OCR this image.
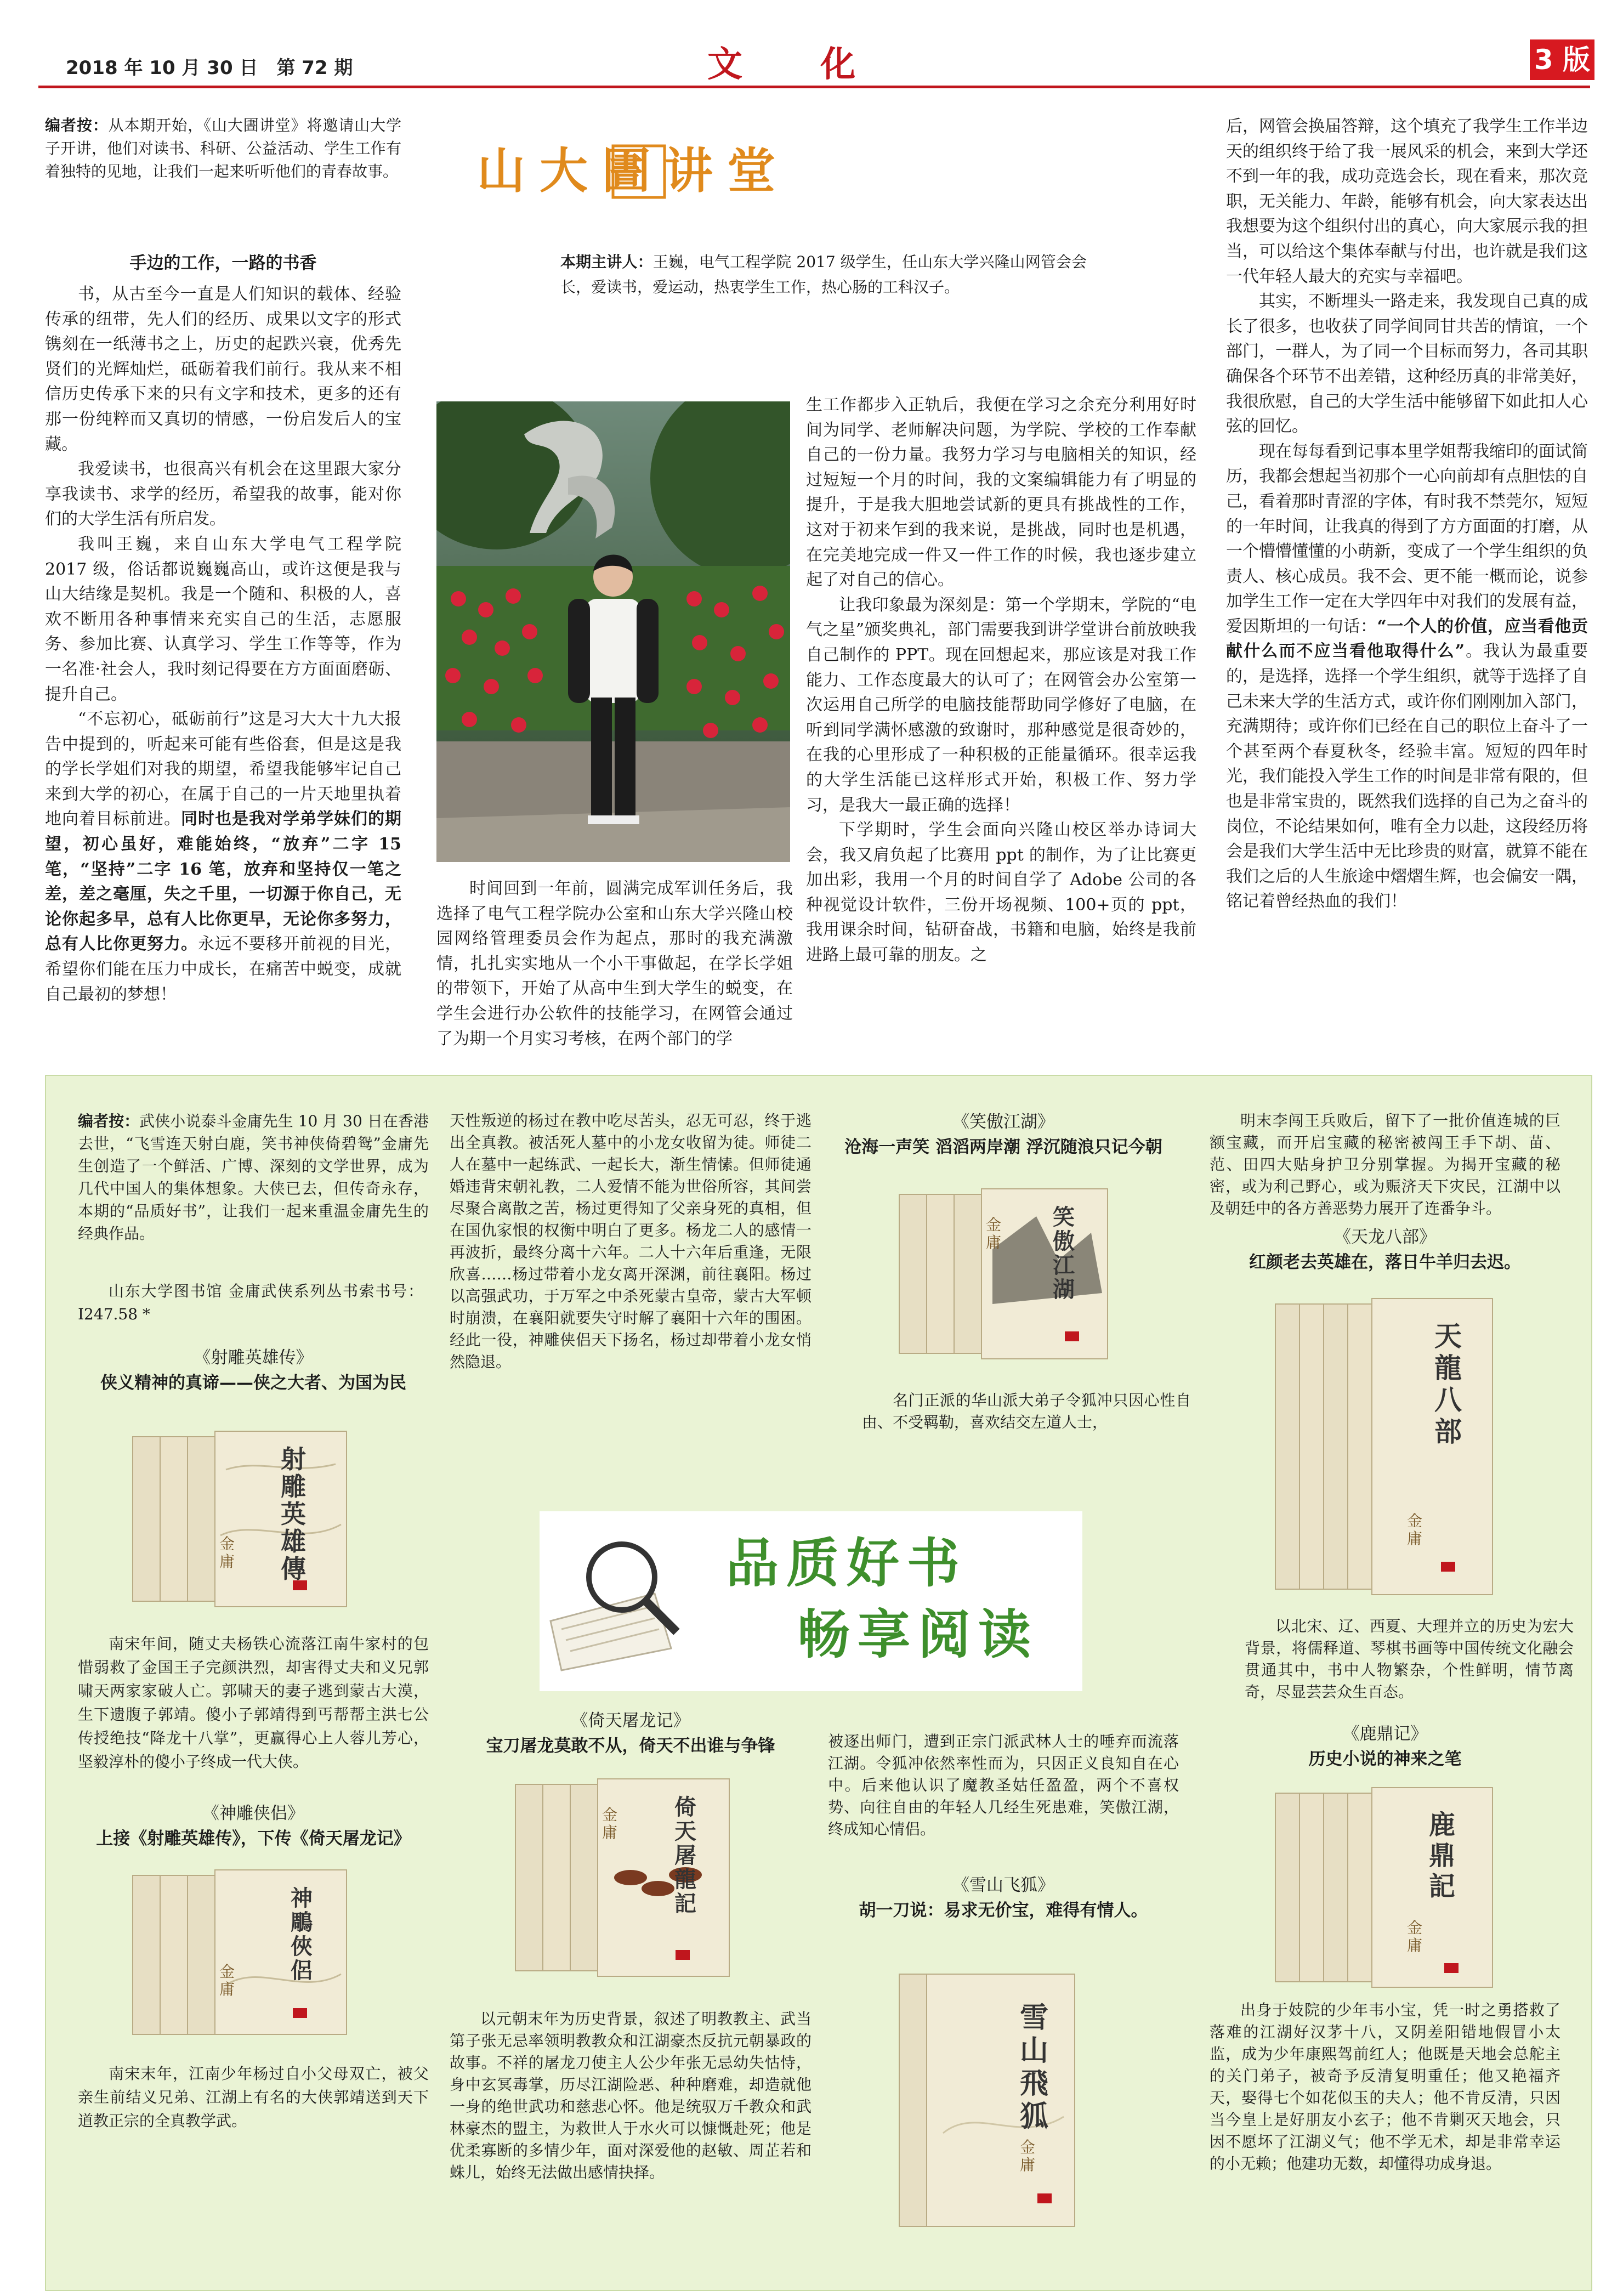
2018 年 10 月 30 日　第 72 期	文 化	3 版

编者按：从本期开始，《山大圕讲堂》将邀请山大学子开讲，他们对读书、科研、公益活动、学生工作有着独特的见地，让我们一起来听听他们的青春故事。

手边的工作，一路的书香

书，从古至今一直是人们知识的载体、经验传承的纽带，先人们的经历、成果以文字的形式镌刻在一纸薄书之上，历史的起跌兴衰，优秀先贤们的光辉灿烂，砥砺着我们前行。我从来不相信历史传承下来的只有文字和技术，更多的还有那一份纯粹而又真切的情感，一份启发后人的宝藏。

我爱读书，也很高兴有机会在这里跟大家分享我读书、求学的经历，希望我的故事，能对你们的大学生活有所启发。

我叫王巍，来自山东大学电气工程学院 2017 级，俗话都说巍巍高山，或许这便是我与山大结缘是契机。我是一个随和、积极的人，喜欢不断用各种事情来充实自己的生活，志愿服务、参加比赛、认真学习、学生工作等等，作为一名准·社会人，我时刻记得要在方方面面磨砺、提升自己。

“不忘初心，砥砺前行”这是习大大十九大报告中提到的，听起来可能有些俗套，但是这是我的学长学姐们对我的期望，希望我能够牢记自己来到大学的初心，在属于自己的一片天地里执着地向着目标前进。同时也是我对学弟学妹们的期望，初心虽好，难能始终，“放弃”二字 15 笔，“坚持”二字 16 笔，放弃和坚持仅一笔之差，差之毫厘，失之千里，一切源于你自己，无论你起多早，总有人比你更早，无论你多努力，总有人比你更努力。永远不要移开前视的目光，希望你们能在压力中成长，在痛苦中蜕变，成就自己最初的梦想！

山大圕讲堂

本期主讲人：王巍，电气工程学院 2017 级学生，任山东大学兴隆山网管会会长，爱读书，爱运动，热衷学生工作，热心肠的工科汉子。

时间回到一年前，圆满完成军训任务后，我选择了电气工程学院办公室和山东大学兴隆山校园网络管理委员会作为起点，那时的我充满激情，扎扎实实地从一个小干事做起，在学长学姐的带领下，开始了从高中生到大学生的蜕变，在学生会进行办公软件的技能学习，在网管会通过了为期一个月实习考核，在两个部门的学

生工作都步入正轨后，我便在学习之余充分利用好时间为同学、老师解决问题，为学院、学校的工作奉献自己的一份力量。我努力学习与电脑相关的知识，经过短短一个月的时间，我的文案编辑能力有了明显的提升，于是我大胆地尝试新的更具有挑战性的工作，这对于初来乍到的我来说，是挑战，同时也是机遇，在完美地完成一件又一件工作的时候，我也逐步建立起了对自己的信心。

让我印象最为深刻是：第一个学期末，学院的“电气之星”颁奖典礼，部门需要我到讲学堂讲台前放映我自己制作的 PPT。现在回想起来，那应该是对我工作能力、工作态度最大的认可了；在网管会办公室第一次运用自己所学的电脑技能帮助同学修好了电脑，在听到同学满怀感激的致谢时，那种感觉是很奇妙的，在我的心里形成了一种积极的正能量循环。很幸运我的大学生活能已这样形式开始，积极工作、努力学习，是我大一最正确的选择！

下学期时，学生会面向兴隆山校区举办诗词大会，我又肩负起了比赛用 ppt 的制作，为了让比赛更加出彩，我用一个月的时间自学了 Adobe 公司的各种视觉设计软件，三份开场视频、100+页的 ppt，我用课余时间，钻研奋战，书籍和电脑，始终是我前进路上最可靠的朋友。之

后，网管会换届答辩，这个填充了我学生工作半边天的组织终于给了我一展风采的机会，来到大学还不到一年的我，成功竞选会长，现在看来，那次竞职，无关能力、年龄，能够有机会，向大家表达出我想要为这个组织付出的真心，向大家展示我的担当，可以给这个集体奉献与付出，也许就是我们这一代年轻人最大的充实与幸福吧。

其实，不断埋头一路走来，我发现自己真的成长了很多，也收获了同学间同甘共苦的情谊，一个部门，一群人，为了同一个目标而努力，各司其职确保各个环节不出差错，这种经历真的非常美好，我很欣慰，自己的大学生活中能够留下如此扣人心弦的回忆。

现在每每看到记事本里学姐帮我缩印的面试简历，我都会想起当初那个一心向前却有点胆怯的自己，看着那时青涩的字体，有时我不禁莞尔，短短的一年时间，让我真的得到了方方面面的打磨，从一个懵懵懂懂的小萌新，变成了一个学生组织的负责人、核心成员。我不会、更不能一概而论，说参加学生工作一定在大学四年中对我们的发展有益，爱因斯坦的一句话：“一个人的价值，应当看他贡献什么而不应当看他取得什么”。我认为最重要的，是选择，选择一个学生组织，就等于选择了自己未来大学的生活方式，或许你们刚刚加入部门，充满期待；或许你们已经在自己的职位上奋斗了一个甚至两个春夏秋冬，经验丰富。短短的四年时光，我们能投入学生工作的时间是非常有限的，但也是非常宝贵的，既然我们选择的自己为之奋斗的岗位，不论结果如何，唯有全力以赴，这段经历将会是我们大学生活中无比珍贵的财富，就算不能在我们之后的人生旅途中熠熠生辉，也会偏安一隅，铭记着曾经热血的我们！

编者按：武侠小说泰斗金庸先生 10 月 30 日在香港去世，“飞雪连天射白鹿，笑书神侠倚碧鸳”金庸先生创造了一个鲜活、广博、深刻的文学世界，成为几代中国人的集体想象。大侠已去，但传奇永存，本期的“品质好书”，让我们一起来重温金庸先生的经典作品。

山东大学图书馆 金庸武侠系列丛书索书号：I247.58 *
《射雕英雄传》
侠义精神的真谛——侠之大者、为国为民
射雕英雄傳
金庸
南宋年间，随丈夫杨铁心流落江南牛家村的包惜弱救了金国王子完颜洪烈，却害得丈夫和义兄郭啸天两家家破人亡。郭啸天的妻子逃到蒙古大漠，生下遗腹子郭靖。傻小子郭靖得到丐帮帮主洪七公传授绝技“降龙十八掌”，更赢得心上人蓉儿芳心，坚毅淳朴的傻小子终成一代大侠。
《神雕侠侣》
上接《射雕英雄传》，下传《倚天屠龙记》
神鵰俠侶
金庸
南宋末年，江南少年杨过自小父母双亡，被父亲生前结义兄弟、江湖上有名的大侠郭靖送到天下道教正宗的全真教学武。
天性叛逆的杨过在教中吃尽苦头，忍无可忍，终于逃出全真教。被活死人墓中的小龙女收留为徒。师徒二人在墓中一起练武、一起长大，渐生情愫。但师徒通婚违背宋朝礼教，二人爱情不能为世俗所容，其间尝尽聚合离散之苦，杨过更得知了父亲身死的真相，但在国仇家恨的权衡中明白了更多。杨龙二人的感情一再波折，最终分离十六年。二人十六年后重逢，无限欣喜……杨过带着小龙女离开深渊，前往襄阳。杨过以高强武功，于万军之中杀死蒙古皇帝，蒙古大军顿时崩溃，在襄阳就要失守时解了襄阳十六年的围困。经此一役，神雕侠侣天下扬名，杨过却带着小龙女悄然隐退。
品质好书
畅享阅读
《倚天屠龙记》
宝刀屠龙莫敢不从，倚天不出谁与争锋
倚天屠龍記
金庸
以元朝末年为历史背景，叙述了明教教主、武当第子张无忌率领明教教众和江湖豪杰反抗元朝暴政的故事。不祥的屠龙刀使主人公少年张无忌幼失怙恃，身中玄冥毒掌，历尽江湖险恶、种种磨难，却造就他一身的绝世武功和慈悲心怀。他是统驭万千教众和武林豪杰的盟主，为救世人于水火可以慷慨赴死；他是优柔寡断的多情少年，面对深爱他的赵敏、周芷若和蛛儿，始终无法做出感情抉择。
《笑傲江湖》
沧海一声笑 滔滔两岸潮 浮沉随浪只记今朝
笑傲江湖
金庸
名门正派的华山派大弟子令狐冲只因心性自由、不受羁勒，喜欢结交左道人士，
被逐出师门，遭到正宗门派武林人士的唾弃而流落江湖。令狐冲依然率性而为，只因正义良知自在心中。后来他认识了魔教圣姑任盈盈，两个不喜权势、向往自由的年轻人几经生死患难，笑傲江湖，终成知心情侣。
《雪山飞狐》
胡一刀说：易求无价宝，难得有情人。
雪山飛狐
金庸
明末李闯王兵败后，留下了一批价值连城的巨额宝藏，而开启宝藏的秘密被闯王手下胡、苗、范、田四大贴身护卫分别掌握。为揭开宝藏的秘密，或为利己野心，或为赈济天下灾民，江湖中以及朝廷中的各方善恶势力展开了连番争斗。
《天龙八部》
红颜老去英雄在，落日牛羊归去迟。
天龍八部
金庸
以北宋、辽、西夏、大理并立的历史为宏大背景，将儒释道、琴棋书画等中国传统文化融会贯通其中，书中人物繁杂，个性鲜明，情节离奇，尽显芸芸众生百态。
《鹿鼎记》
历史小说的神来之笔
鹿鼎記
金庸
出身于妓院的少年韦小宝，凭一时之勇搭救了落难的江湖好汉茅十八，又阴差阳错地假冒小太监，成为少年康熙驾前红人；他既是天地会总舵主的关门弟子，被奇予反清复明重任；他又艳福齐天，娶得七个如花似玉的夫人；他不肯反清，只因当今皇上是好朋友小玄子；他不肯剿灭天地会，只因不愿坏了江湖义气；他不学无术，却是非常幸运的小无赖；他建功无数，却懂得功成身退。
